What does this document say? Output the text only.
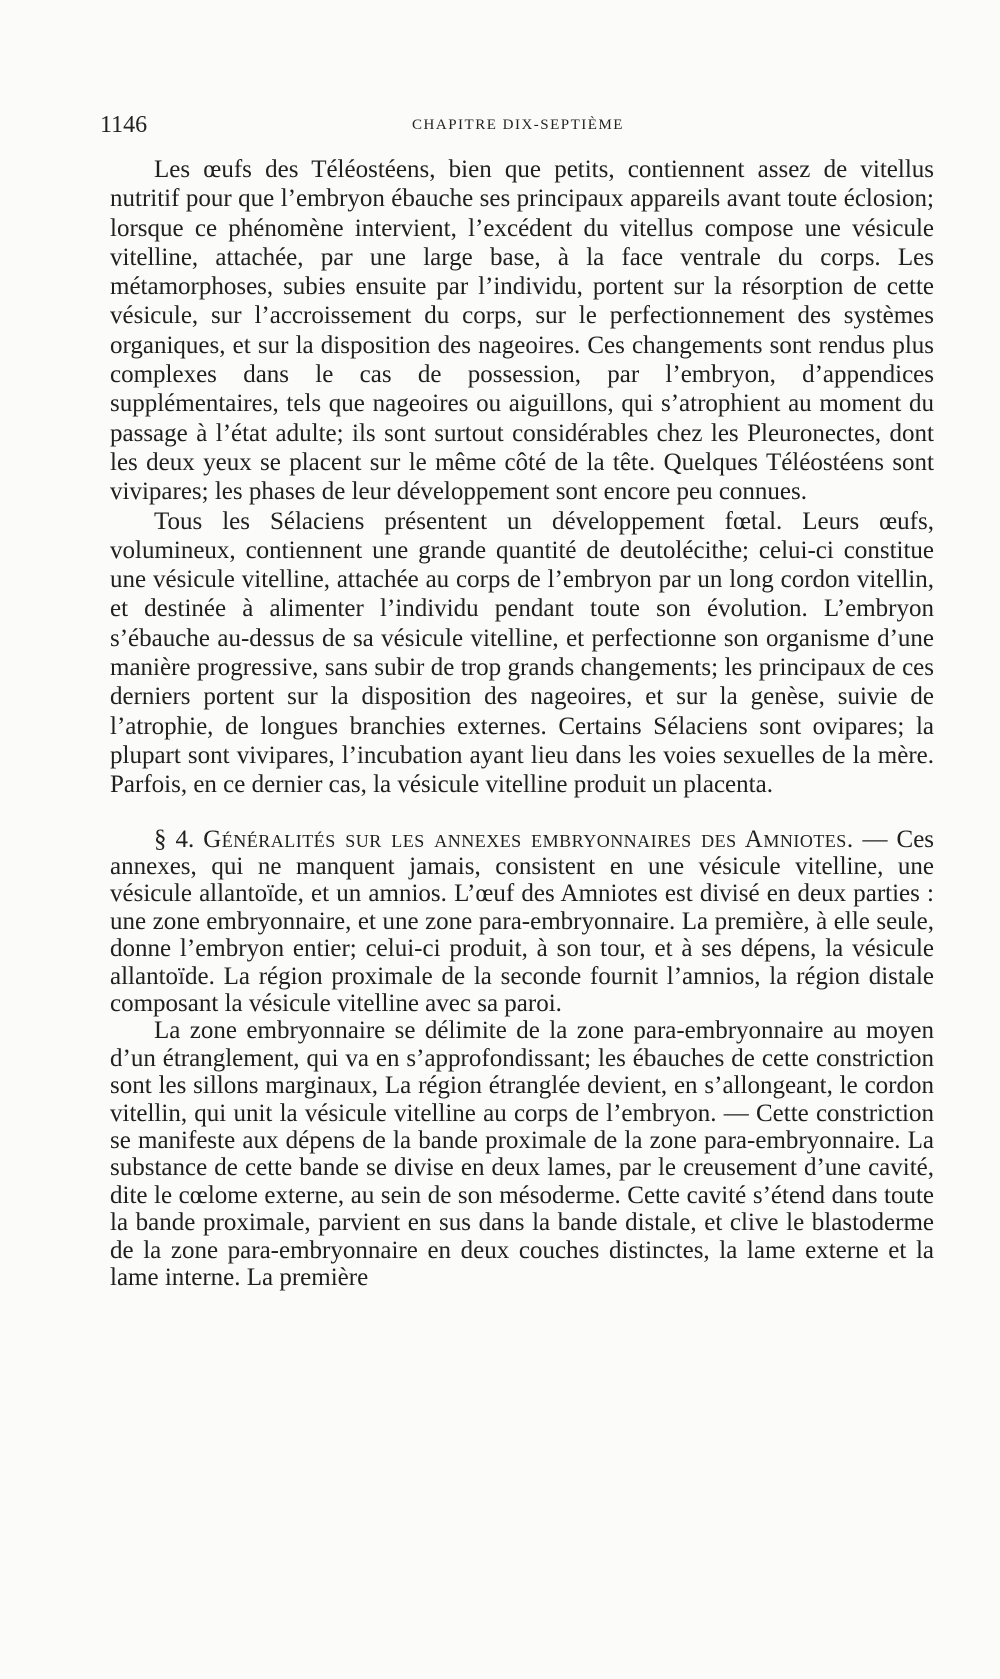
1146	CHAPITRE DIX-SEPTIÈME

Les œufs des Téléostéens, bien que petits, contiennent assez de vitellus nutritif pour que l’embryon ébauche ses principaux appareils avant toute éclosion; lorsque ce phénomène intervient, l’excédent du vitellus compose une vésicule vitelline, attachée, par une large base, à la face ventrale du corps. Les métamorphoses, subies ensuite par l’individu, portent sur la résorption de cette vésicule, sur l’accroissement du corps, sur le perfectionnement des systèmes organiques, et sur la disposition des nageoires. Ces changements sont rendus plus complexes dans le cas de possession, par l’embryon, d’appendices supplémentaires, tels que nageoires ou aiguillons, qui s’atrophient au moment du passage à l’état adulte; ils sont surtout considérables chez les Pleuronectes, dont les deux yeux se placent sur le même côté de la tête. Quelques Téléostéens sont vivipares; les phases de leur développement sont encore peu connues.

Tous les Sélaciens présentent un développement fœtal. Leurs œufs, volumineux, contiennent une grande quantité de deutolécithe; celui-ci constitue une vésicule vitelline, attachée au corps de l’embryon par un long cordon vitellin, et destinée à alimenter l’individu pendant toute son évolution. L’embryon s’ébauche au-dessus de sa vésicule vitelline, et perfectionne son organisme d’une manière progressive, sans subir de trop grands changements; les principaux de ces derniers portent sur la disposition des nageoires, et sur la genèse, suivie de l’atrophie, de longues branchies externes. Certains Sélaciens sont ovipares; la plupart sont vivipares, l’incubation ayant lieu dans les voies sexuelles de la mère. Parfois, en ce dernier cas, la vésicule vitelline produit un placenta.

§ 4. Généralités sur les annexes embryonnaires des Amniotes. — Ces annexes, qui ne manquent jamais, consistent en une vésicule vitelline, une vésicule allantoïde, et un amnios. L’œuf des Amniotes est divisé en deux parties : une zone embryonnaire, et une zone para-embryonnaire. La première, à elle seule, donne l’embryon entier; celui-ci produit, à son tour, et à ses dépens, la vésicule allantoïde. La région proximale de la seconde fournit l’amnios, la région distale composant la vésicule vitelline avec sa paroi.

La zone embryonnaire se délimite de la zone para-embryonnaire au moyen d’un étranglement, qui va en s’approfondissant; les ébauches de cette constriction sont les sillons marginaux, La région étranglée devient, en s’allongeant, le cordon vitellin, qui unit la vésicule vitelline au corps de l’embryon. — Cette constriction se manifeste aux dépens de la bande proximale de la zone para-embryonnaire. La substance de cette bande se divise en deux lames, par le creusement d’une cavité, dite le cœlome externe, au sein de son mésoderme. Cette cavité s’étend dans toute la bande proximale, parvient en sus dans la bande distale, et clive le blastoderme de la zone para-embryonnaire en deux couches distinctes, la lame externe et la lame interne. La première
